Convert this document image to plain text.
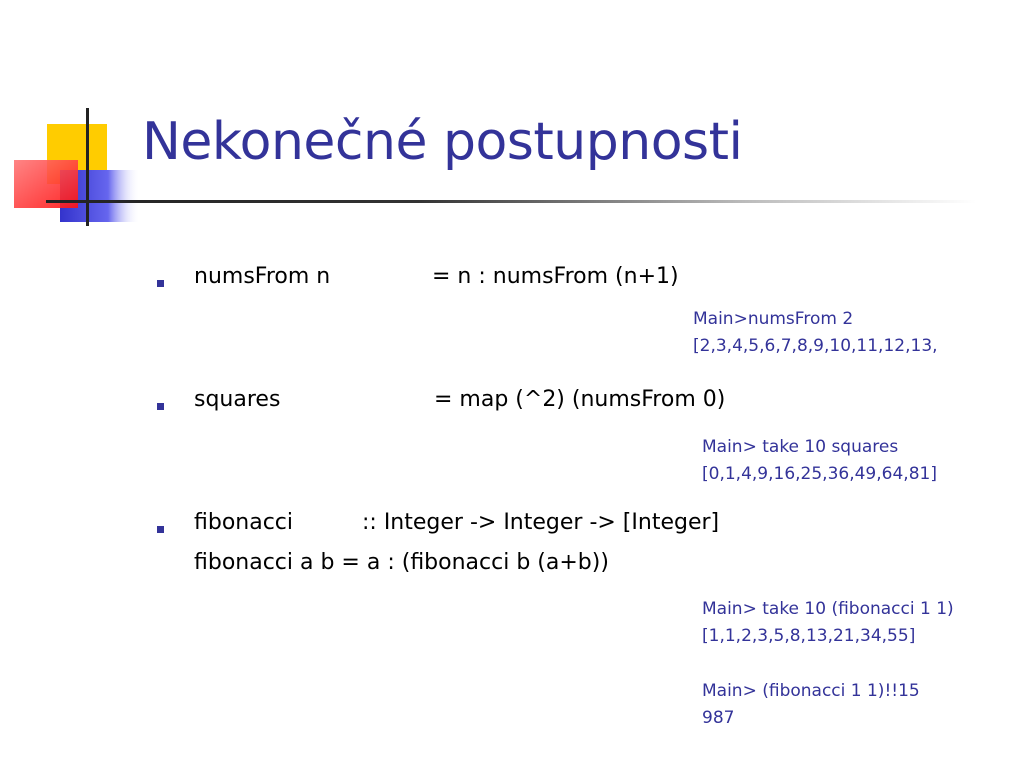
Nekonečné postupnosti
numsFrom n	= n : numsFrom (n+1)
Main>numsFrom 2
[2,3,4,5,6,7,8,9,10,11,12,13,
squares	= map (^2) (numsFrom 0)
Main> take 10 squares
[0,1,4,9,16,25,36,49,64,81]
fibonacci	:: Integer -> Integer -> [Integer]
fibonacci a b = a : (fibonacci b (a+b))
Main> take 10 (fibonacci 1 1)
[1,1,2,3,5,8,13,21,34,55]
Main> (fibonacci 1 1)!!15
987
